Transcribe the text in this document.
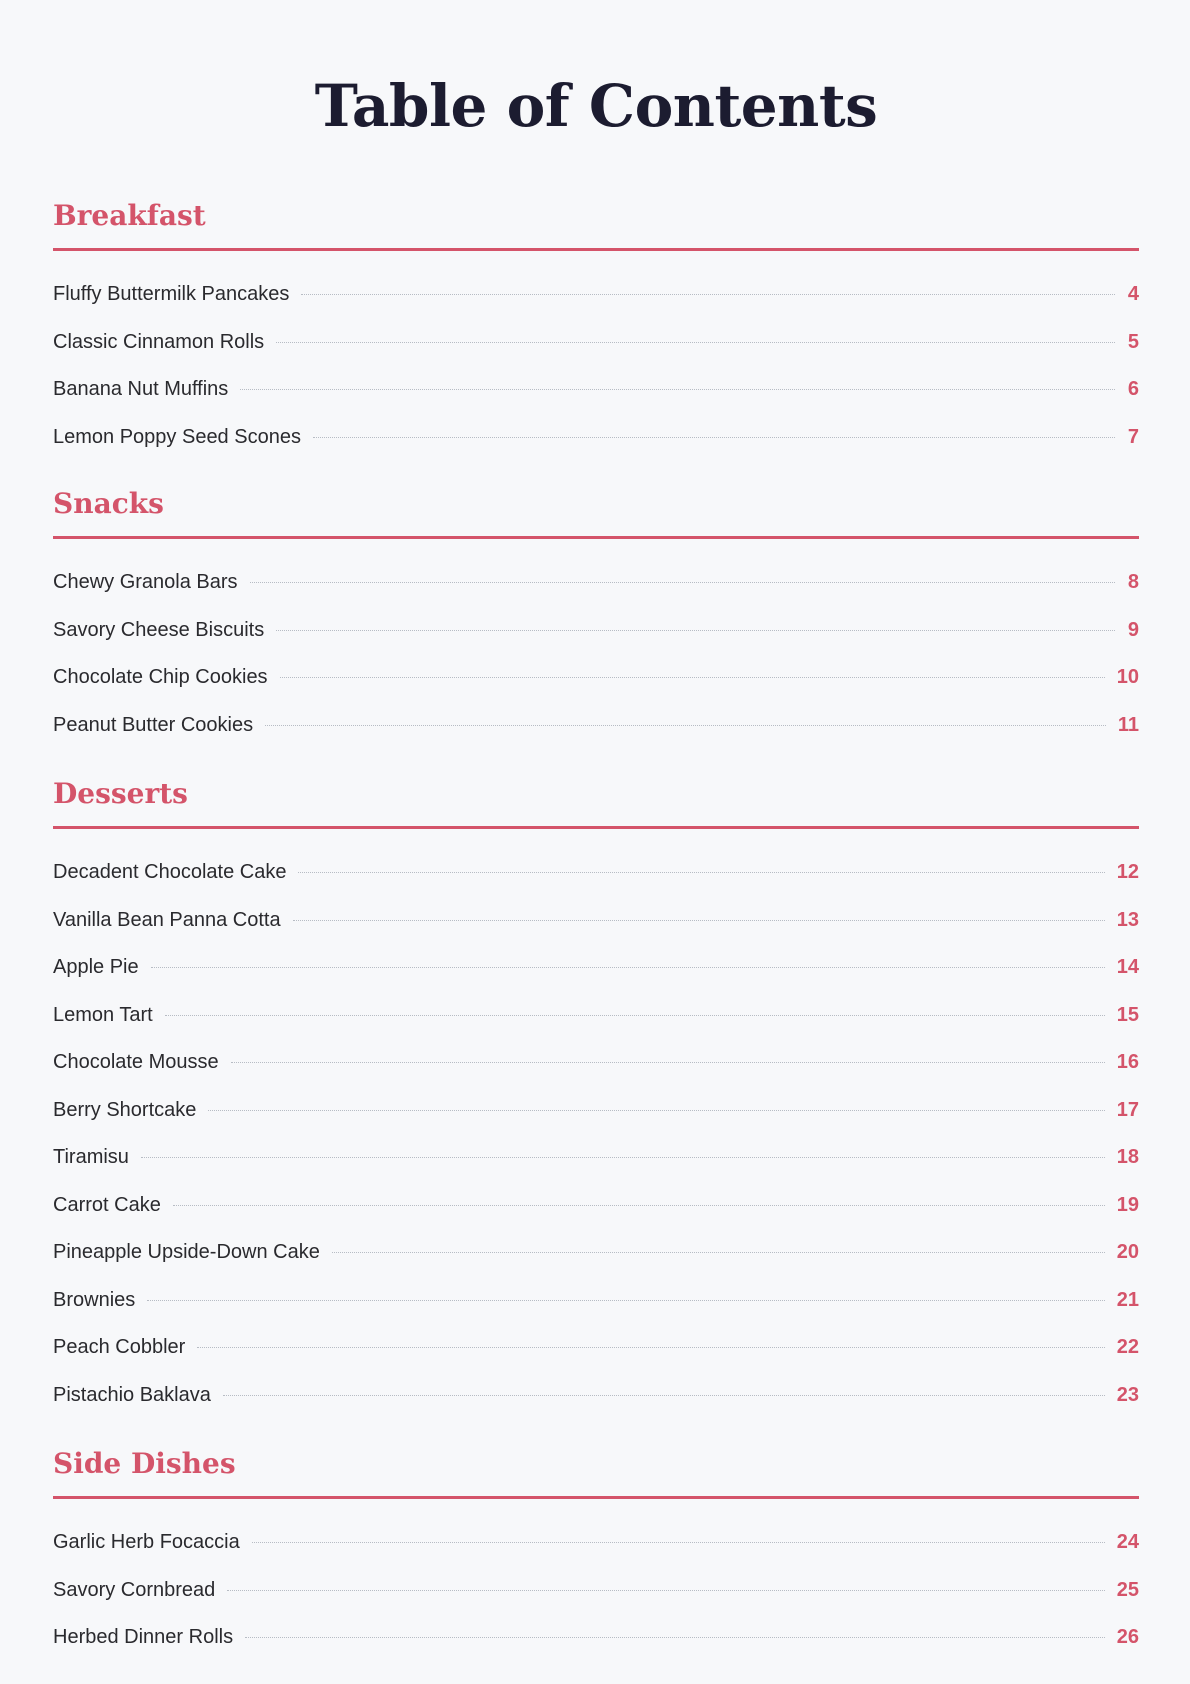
Table of Contents
Breakfast
Fluffy Buttermilk Pancakes	4
Classic Cinnamon Rolls	5
Banana Nut Muffins	6
Lemon Poppy Seed Scones	7
Snacks
Chewy Granola Bars	8
Savory Cheese Biscuits	9
Chocolate Chip Cookies	10
Peanut Butter Cookies	11
Desserts
Decadent Chocolate Cake	12
Vanilla Bean Panna Cotta	13
Apple Pie	14
Lemon Tart	15
Chocolate Mousse	16
Berry Shortcake	17
Tiramisu	18
Carrot Cake	19
Pineapple Upside-Down Cake	20
Brownies	21
Peach Cobbler	22
Pistachio Baklava	23
Side Dishes
Garlic Herb Focaccia	24
Savory Cornbread	25
Herbed Dinner Rolls	26
